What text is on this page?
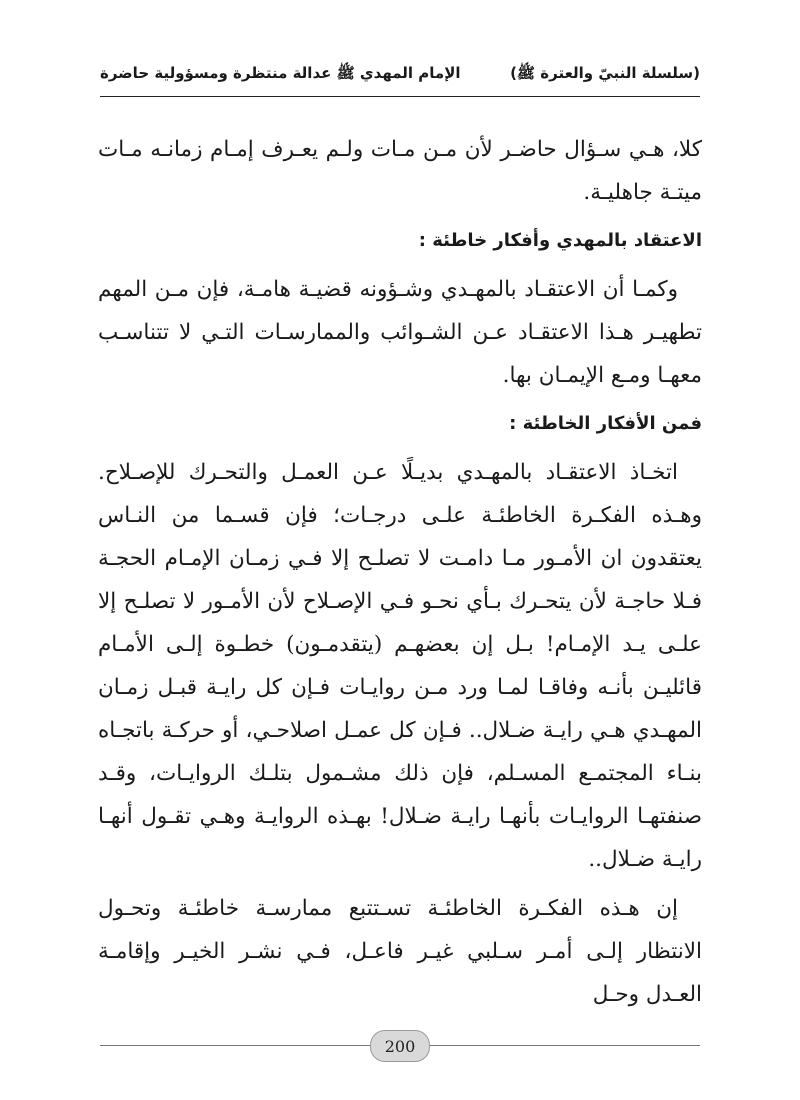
(سلسلة النبيّ والعترة ﷺ)
الإمام المهدي ﷺ عدالة منتظرة ومسؤولية حاضرة

كلا، هـي سـؤال حاضـر لأن مـن مـات ولـم يعـرف إمـام زمانـه مـات ميتـة جاهليـة.

الاعتقاد بالمهدي وأفكار خاطئة :

وكمـا أن الاعتقـاد بالمهـدي وشـؤونه قضيـة هامـة، فإن مـن المهم تطهيـر هـذا الاعتقـاد عـن الشـوائب والممارسـات التـي لا تتناسـب معهـا ومـع الإيمـان بها.

فمن الأفكار الخاطئة :

اتخـاذ الاعتقـاد بالمهـدي بديـلًا عـن العمـل والتحـرك للإصـلاح. وهـذه الفكـرة الخاطئـة علـى درجـات؛ فإن قسـما من النـاس يعتقدون ان الأمـور مـا دامـت لا تصلـح إلا فـي زمـان الإمـام الحجـة فـلا حاجـة لأن يتحـرك بـأي نحـو فـي الإصـلاح لأن الأمـور لا تصلـح إلا علـى يـد الإمـام! بـل إن بعضهـم (يتقدمـون) خطـوة إلـى الأمـام قائليـن بأنـه وفاقـا لمـا ورد مـن روايـات فـإن كل رايـة قبـل زمـان المهـدي هـي رايـة ضـلال.. فـإن كل عمـل اصلاحـي، أو حركـة باتجـاه بنـاء المجتمـع المسـلم، فإن ذلك مشـمول بتلـك الروايـات، وقـد صنفتهـا الروايـات بأنهـا رايـة ضـلال! بهـذه الروايـة وهـي تقـول أنهـا رايـة ضـلال..

إن هـذه الفكـرة الخاطئـة تسـتتبع ممارسـة خاطئـة وتحـول الانتظار إلـى أمـر سـلبي غيـر فاعـل، فـي نشـر الخيـر وإقامـة العـدل وحـل

200
